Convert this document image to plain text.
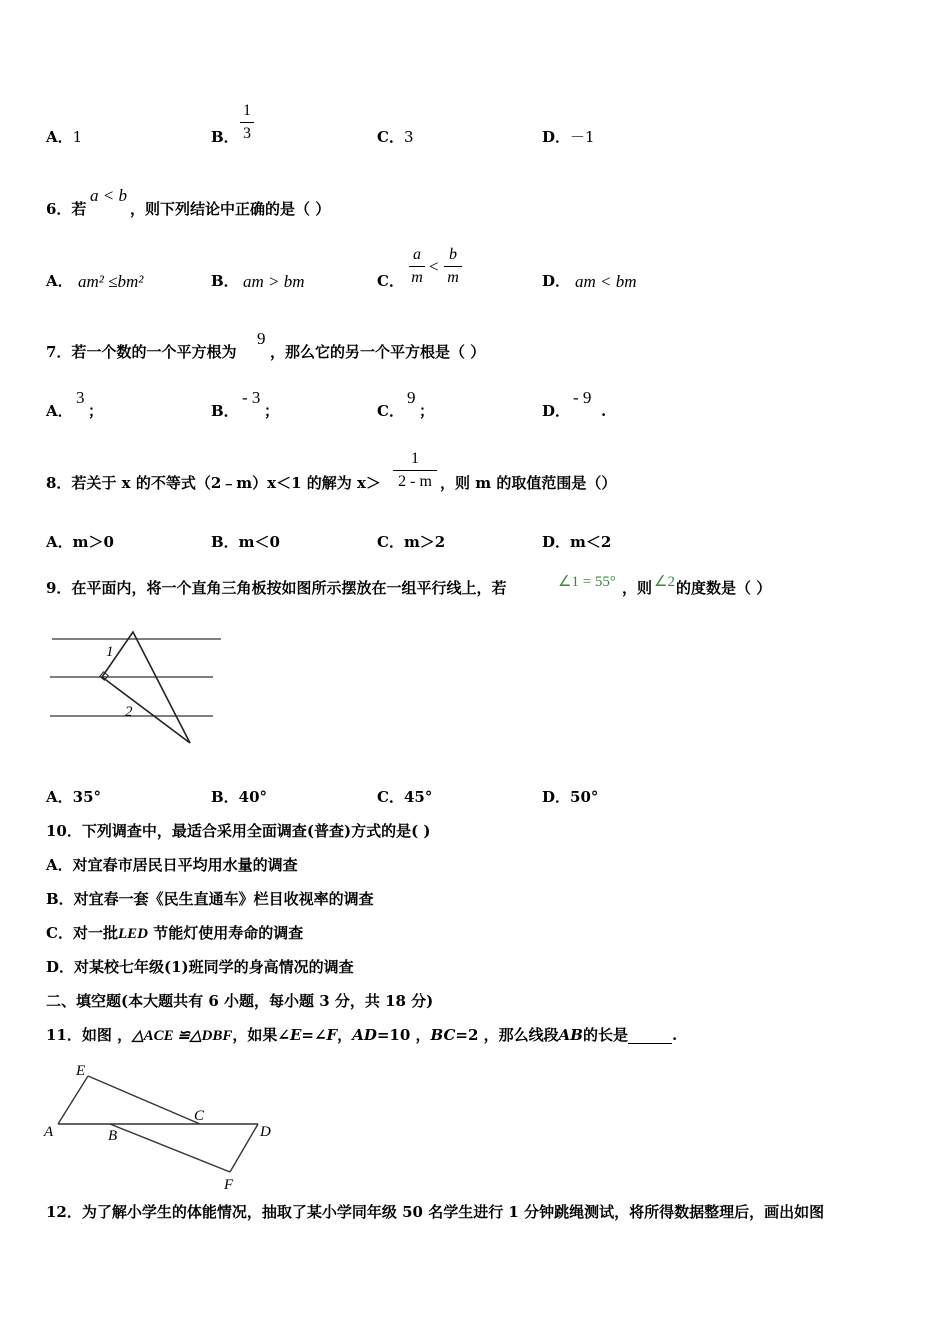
A．1	B．
1
3	C．3	D．－1
6．若
a < b
，则下列结论中正确的是（ ）
A． am² ≤bm²	B． am > bm	C．
a
m
<
b
m	D． am < bm
7．若一个数的一个平方根为
9
，那么它的另一个平方根是（ ）
A．
3
；	B．
- 3
；	C．
9
；	D．
- 9
.
8．若关于 x 的不等式（2﹣m）x＜1 的解为 x＞
1
2 - m ，则 m 的取值范围是（）
A．m＞0	B．m＜0	C．m＞2	D．m＜2
9．在平面内，将一个直角三角板按如图所示摆放在一组平行线上，若	∠1 = 55° ，则 ∠2 的度数是（ ）
1
2
A．35°	B．40°	C．45°	D．50°
10．下列调查中，最适合采用全面调查(普查)方式的是( )
A．对宜春市居民日平均用水量的调查
B．对宜春一套《民生直通车》栏目收视率的调查
C．对一批LED 节能灯使用寿命的调查
D．对某校七年级(1)班同学的身高情况的调查
二、填空题(本大题共有 6 小题，每小题 3 分，共 18 分)
11．如图 ，△ACE ≌△DBF，如果∠E=∠F，AD=10 ，BC=2 ，那么线段AB的长是	.
E
A	B
C
D
F
12．为了解小学生的体能情况，抽取了某小学同年级 50 名学生进行 1 分钟跳绳测试，将所得数据整理后，画出如图
